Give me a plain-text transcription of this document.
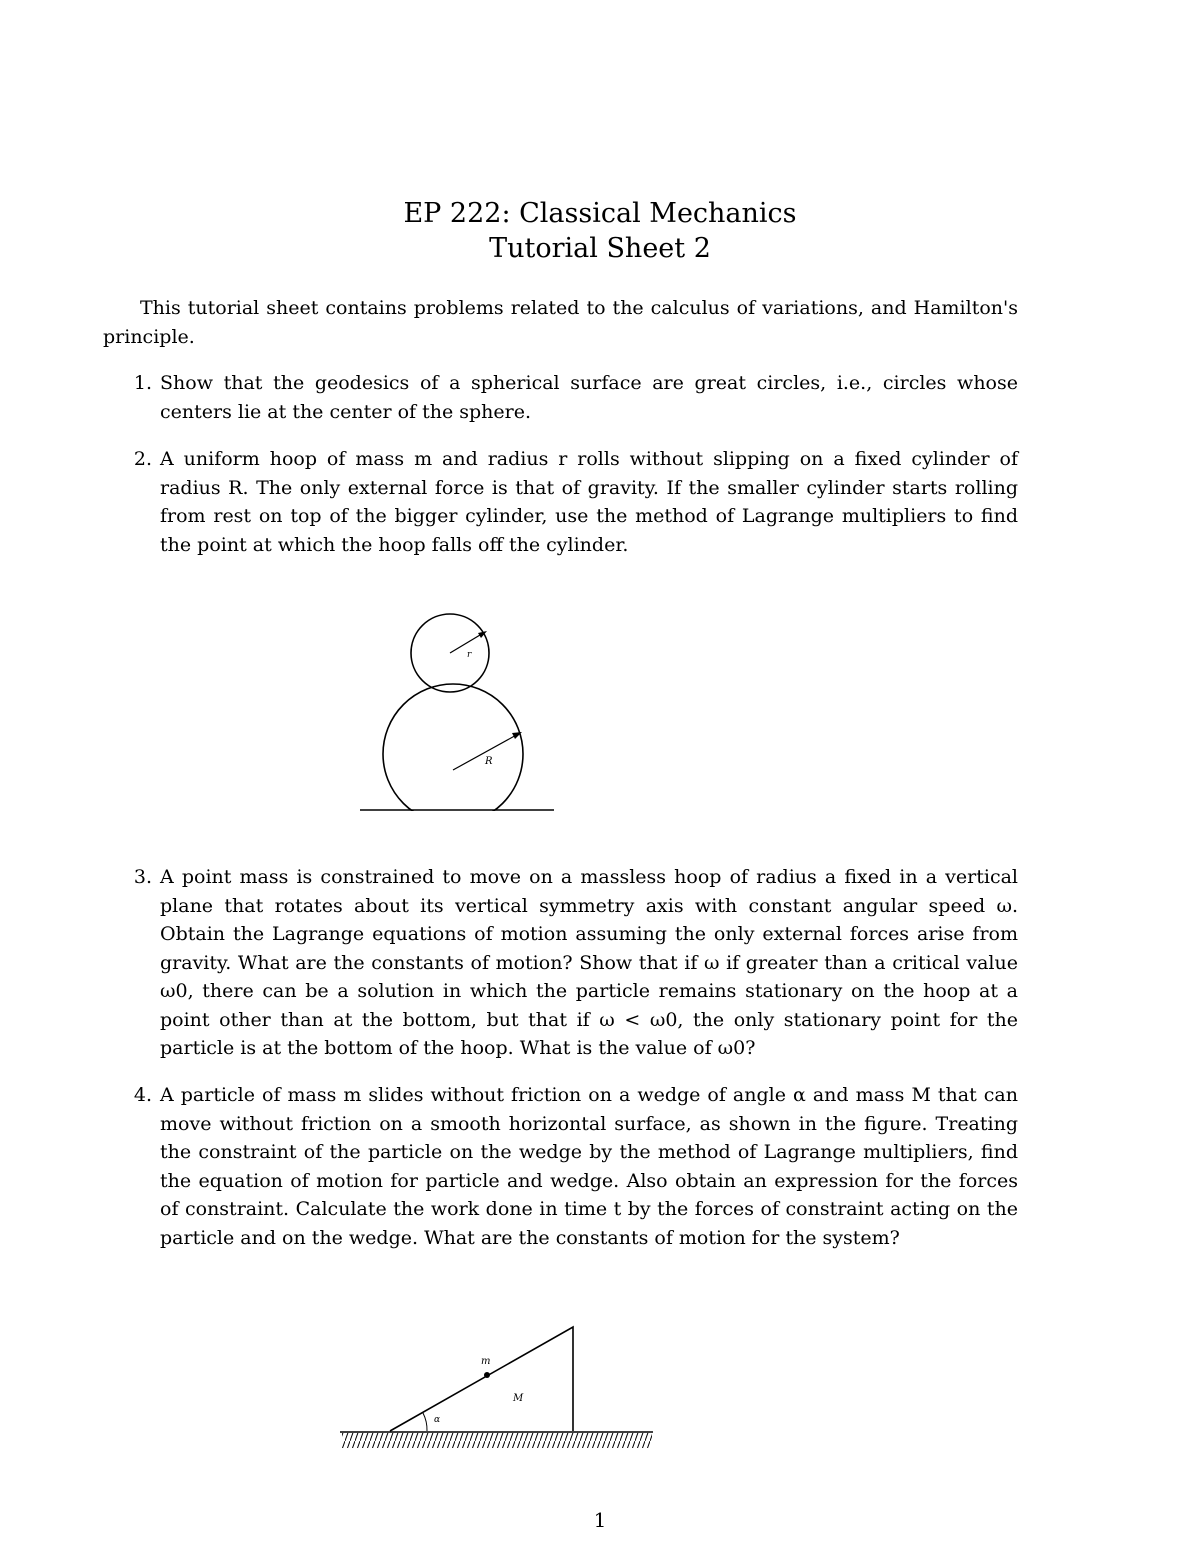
EP 222: Classical Mechanics
Tutorial Sheet 2
This tutorial sheet contains problems related to the calculus of variations, and Hamilton's principle.
1. Show that the geodesics of a spherical surface are great circles, i.e., circles whose centers lie at the center of the sphere.
2. A uniform hoop of mass m and radius r rolls without slipping on a fixed cylinder of radius R. The only external force is that of gravity. If the smaller cylinder starts rolling from rest on top of the bigger cylinder, use the method of Lagrange multipliers to find the point at which the hoop falls off the cylinder.
r
R
3. A point mass is constrained to move on a massless hoop of radius a fixed in a vertical plane that rotates about its vertical symmetry axis with constant angular speed ω. Obtain the Lagrange equations of motion assuming the only external forces arise from gravity. What are the constants of motion? Show that if ω if greater than a critical value ω0, there can be a solution in which the particle remains stationary on the hoop at a point other than at the bottom, but that if ω < ω0, the only stationary point for the particle is at the bottom of the hoop. What is the value of ω0?
4. A particle of mass m slides without friction on a wedge of angle α and mass M that can move without friction on a smooth horizontal surface, as shown in the figure. Treating the constraint of the particle on the wedge by the method of Lagrange multipliers, find the equation of motion for particle and wedge. Also obtain an expression for the forces of constraint. Calculate the work done in time t by the forces of constraint acting on the particle and on the wedge. What are the constants of motion for the system?
m
M
α
1
